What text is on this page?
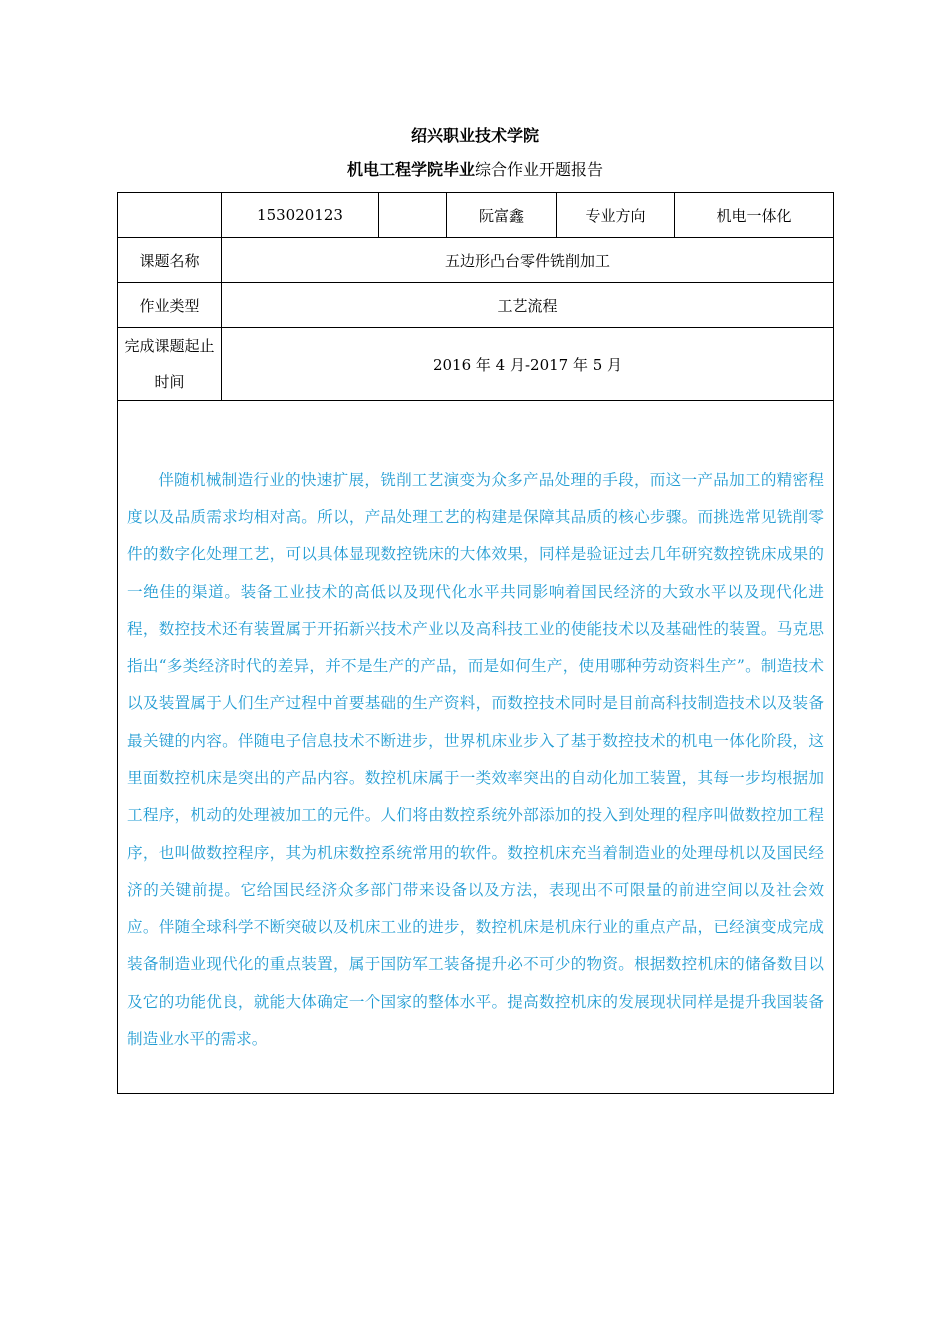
绍兴职业技术学院
机电工程学院毕业综合作业开题报告
	153020123		阮富鑫	专业方向	机电一体化
课题名称	五边形凸台零件铣削加工				
作业类型	工艺流程				

完成课题起止时间	2016 年 4 月-2017 年 5 月				

伴随机械制造行业的快速扩展，铣削工艺演变为众多产品处理的手段，而这一产品加工的精密程度以及品质需求均相对高。所以，产品处理工艺的构建是保障其品质的核心步骤。而挑选常见铣削零件的数字化处理工艺，可以具体显现数控铣床的大体效果，同样是验证过去几年研究数控铣床成果的一绝佳的渠道。装备工业技术的高低以及现代化水平共同影响着国民经济的大致水平以及现代化进程，数控技术还有装置属于开拓新兴技术产业以及高科技工业的使能技术以及基础性的装置。马克思指出“多类经济时代的差异，并不是生产的产品，而是如何生产，使用哪种劳动资料生产”。制造技术以及装置属于人们生产过程中首要基础的生产资料，而数控技术同时是目前高科技制造技术以及装备最关键的内容。伴随电子信息技术不断进步，世界机床业步入了基于数控技术的机电一体化阶段，这里面数控机床是突出的产品内容。数控机床属于一类效率突出的自动化加工装置，其每一步均根据加工程序，机动的处理被加工的元件。人们将由数控系统外部添加的投入到处理的程序叫做数控加工程序，也叫做数控程序，其为机床数控系统常用的软件。数控机床充当着制造业的处理母机以及国民经济的关键前提。它给国民经济众多部门带来设备以及方法，表现出不可限量的前进空间以及社会效应。伴随全球科学不断突破以及机床工业的进步，数控机床是机床行业的重点产品，已经演变成完成装备制造业现代化的重点装置，属于国防军工装备提升必不可少的物资。根据数控机床的储备数目以及它的功能优良，就能大体确定一个国家的整体水平。提高数控机床的发展现状同样是提升我国装备制造业水平的需求。					
